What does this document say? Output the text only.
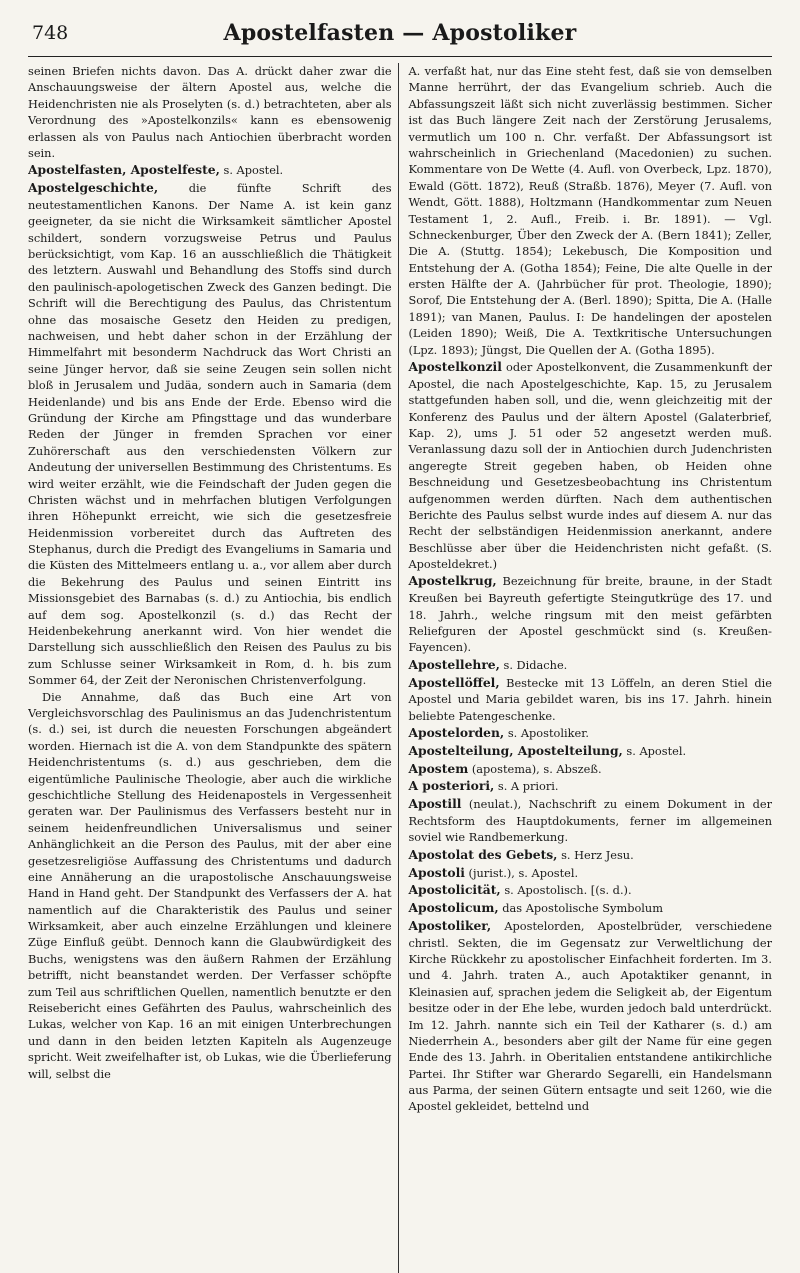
748	Apostelfasten — Apostoliker

seinen Briefen nichts davon. Das A. drückt daher zwar die Anschauungsweise der ältern Apostel aus, welche die Heidenchristen nie als Proselyten (s. d.) betrachteten, aber als Verordnung des »Apostelkonzils« kann es ebensowenig erlassen als von Paulus nach Antiochien überbracht worden sein.

Apostelfasten, Apostelfeste, s. Apostel.

Apostelgeschichte, die fünfte Schrift des neutestamentlichen Kanons. Der Name A. ist kein ganz geeigneter, da sie nicht die Wirksamkeit sämtlicher Apostel schildert, sondern vorzugsweise Petrus und Paulus berücksichtigt, vom Kap. 16 an ausschließlich die Thätigkeit des letztern. Auswahl und Behandlung des Stoffs sind durch den paulinisch-apologetischen Zweck des Ganzen bedingt. Die Schrift will die Berechtigung des Paulus, das Christentum ohne das mosaische Gesetz den Heiden zu predigen, nachweisen, und hebt daher schon in der Erzählung der Himmelfahrt mit besonderm Nachdruck das Wort Christi an seine Jünger hervor, daß sie seine Zeugen sein sollen nicht bloß in Jerusalem und Judäa, sondern auch in Samaria (dem Heidenlande) und bis ans Ende der Erde. Ebenso wird die Gründung der Kirche am Pfingsttage und das wunderbare Reden der Jünger in fremden Sprachen vor einer Zuhörerschaft aus den verschiedensten Völkern zur Andeutung der universellen Bestimmung des Christentums. Es wird weiter erzählt, wie die Feindschaft der Juden gegen die Christen wächst und in mehrfachen blutigen Verfolgungen ihren Höhepunkt erreicht, wie sich die gesetzesfreie Heidenmission vorbereitet durch das Auftreten des Stephanus, durch die Predigt des Evangeliums in Samaria und die Küsten des Mittelmeers entlang u. a., vor allem aber durch die Bekehrung des Paulus und seinen Eintritt ins Missionsgebiet des Barnabas (s. d.) zu Antiochia, bis endlich auf dem sog. Apostelkonzil (s. d.) das Recht der Heidenbekehrung anerkannt wird. Von hier wendet die Darstellung sich ausschließlich den Reisen des Paulus zu bis zum Schlusse seiner Wirksamkeit in Rom, d. h. bis zum Sommer 64, der Zeit der Neronischen Christenverfolgung.

Die Annahme, daß das Buch eine Art von Vergleichsvorschlag des Paulinismus an das Judenchristentum (s. d.) sei, ist durch die neuesten Forschungen abgeändert worden. Hiernach ist die A. von dem Standpunkte des spätern Heidenchristentums (s. d.) aus geschrieben, dem die eigentümliche Paulinische Theologie, aber auch die wirkliche geschichtliche Stellung des Heidenapostels in Vergessenheit geraten war. Der Paulinismus des Verfassers besteht nur in seinem heidenfreundlichen Universalismus und seiner Anhänglichkeit an die Person des Paulus, mit der aber eine gesetzesreligiöse Auffassung des Christentums und dadurch eine Annäherung an die urapostolische Anschauungsweise Hand in Hand geht. Der Standpunkt des Verfassers der A. hat namentlich auf die Charakteristik des Paulus und seiner Wirksamkeit, aber auch einzelne Erzählungen und kleinere Züge Einfluß geübt. Dennoch kann die Glaubwürdigkeit des Buchs, wenigstens was den äußern Rahmen der Erzählung betrifft, nicht beanstandet werden. Der Verfasser schöpfte zum Teil aus schriftlichen Quellen, namentlich benutzte er den Reisebericht eines Gefährten des Paulus, wahrscheinlich des Lukas, welcher von Kap. 16 an mit einigen Unterbrechungen und dann in den beiden letzten Kapiteln als Augenzeuge spricht. Weit zweifelhafter ist, ob Lukas, wie die Überlieferung will, selbst die

A. verfaßt hat, nur das Eine steht fest, daß sie von demselben Manne herrührt, der das Evangelium schrieb. Auch die Abfassungszeit läßt sich nicht zuverlässig bestimmen. Sicher ist das Buch längere Zeit nach der Zerstörung Jerusalems, vermutlich um 100 n. Chr. verfaßt. Der Abfassungsort ist wahrscheinlich in Griechenland (Macedonien) zu suchen. Kommentare von De Wette (4. Aufl. von Overbeck, Lpz. 1870), Ewald (Gött. 1872), Reuß (Straßb. 1876), Meyer (7. Aufl. von Wendt, Gött. 1888), Holtzmann (Handkommentar zum Neuen Testament 1, 2. Aufl., Freib. i. Br. 1891). — Vgl. Schneckenburger, Über den Zweck der A. (Bern 1841); Zeller, Die A. (Stuttg. 1854); Lekebusch, Die Komposition und Entstehung der A. (Gotha 1854); Feine, Die alte Quelle in der ersten Hälfte der A. (Jahrbücher für prot. Theologie, 1890); Sorof, Die Entstehung der A. (Berl. 1890); Spitta, Die A. (Halle 1891); van Manen, Paulus. I: De handelingen der apostelen (Leiden 1890); Weiß, Die A. Textkritische Untersuchungen (Lpz. 1893); Jüngst, Die Quellen der A. (Gotha 1895).

Apostelkonzil oder Apostelkonvent, die Zusammenkunft der Apostel, die nach Apostelgeschichte, Kap. 15, zu Jerusalem stattgefunden haben soll, und die, wenn gleichzeitig mit der Konferenz des Paulus und der ältern Apostel (Galaterbrief, Kap. 2), ums J. 51 oder 52 angesetzt werden muß. Veranlassung dazu soll der in Antiochien durch Judenchristen angeregte Streit gegeben haben, ob Heiden ohne Beschneidung und Gesetzesbeobachtung ins Christentum aufgenommen werden dürften. Nach dem authentischen Berichte des Paulus selbst wurde indes auf diesem A. nur das Recht der selbständigen Heidenmission anerkannt, andere Beschlüsse aber über die Heidenchristen nicht gefaßt. (S. Aposteldekret.)

Apostelkrug, Bezeichnung für breite, braune, in der Stadt Kreußen bei Bayreuth gefertigte Steingutkrüge des 17. und 18. Jahrh., welche ringsum mit den meist gefärbten Reliefguren der Apostel geschmückt sind (s. Kreußen-Fayencen).

Apostellehre, s. Didache.

Apostellöffel, Bestecke mit 13 Löffeln, an deren Stiel die Apostel und Maria gebildet waren, bis ins 17. Jahrh. hinein beliebte Patengeschenke.

Apostelorden, s. Apostoliker.

Apostelteilung, Apostelteilung, s. Apostel.

Apostem (apostema), s. Abszeß.

A posteriori, s. A priori.

Apostill (neulat.), Nachschrift zu einem Dokument in der Rechtsform des Hauptdokuments, ferner im allgemeinen soviel wie Randbemerkung.

Apostolat des Gebets, s. Herz Jesu.

Apostoli (jurist.), s. Apostel.

Apostolicität, s. Apostolisch. [(s. d.).

Apostolicum, das Apostolische Symbolum

Apostoliker, Apostelorden, Apostelbrüder, verschiedene christl. Sekten, die im Gegensatz zur Verweltlichung der Kirche Rückkehr zu apostolischer Einfachheit forderten. Im 3. und 4. Jahrh. traten A., auch Apotaktiker genannt, in Kleinasien auf, sprachen jedem die Seligkeit ab, der Eigentum besitze oder in der Ehe lebe, wurden jedoch bald unterdrückt. Im 12. Jahrh. nannte sich ein Teil der Katharer (s. d.) am Niederrhein A., besonders aber gilt der Name für eine gegen Ende des 13. Jahrh. in Oberitalien entstandene antikirchliche Partei. Ihr Stifter war Gherardo Segarelli, ein Handelsmann aus Parma, der seinen Gütern entsagte und seit 1260, wie die Apostel gekleidet, bettelnd und
